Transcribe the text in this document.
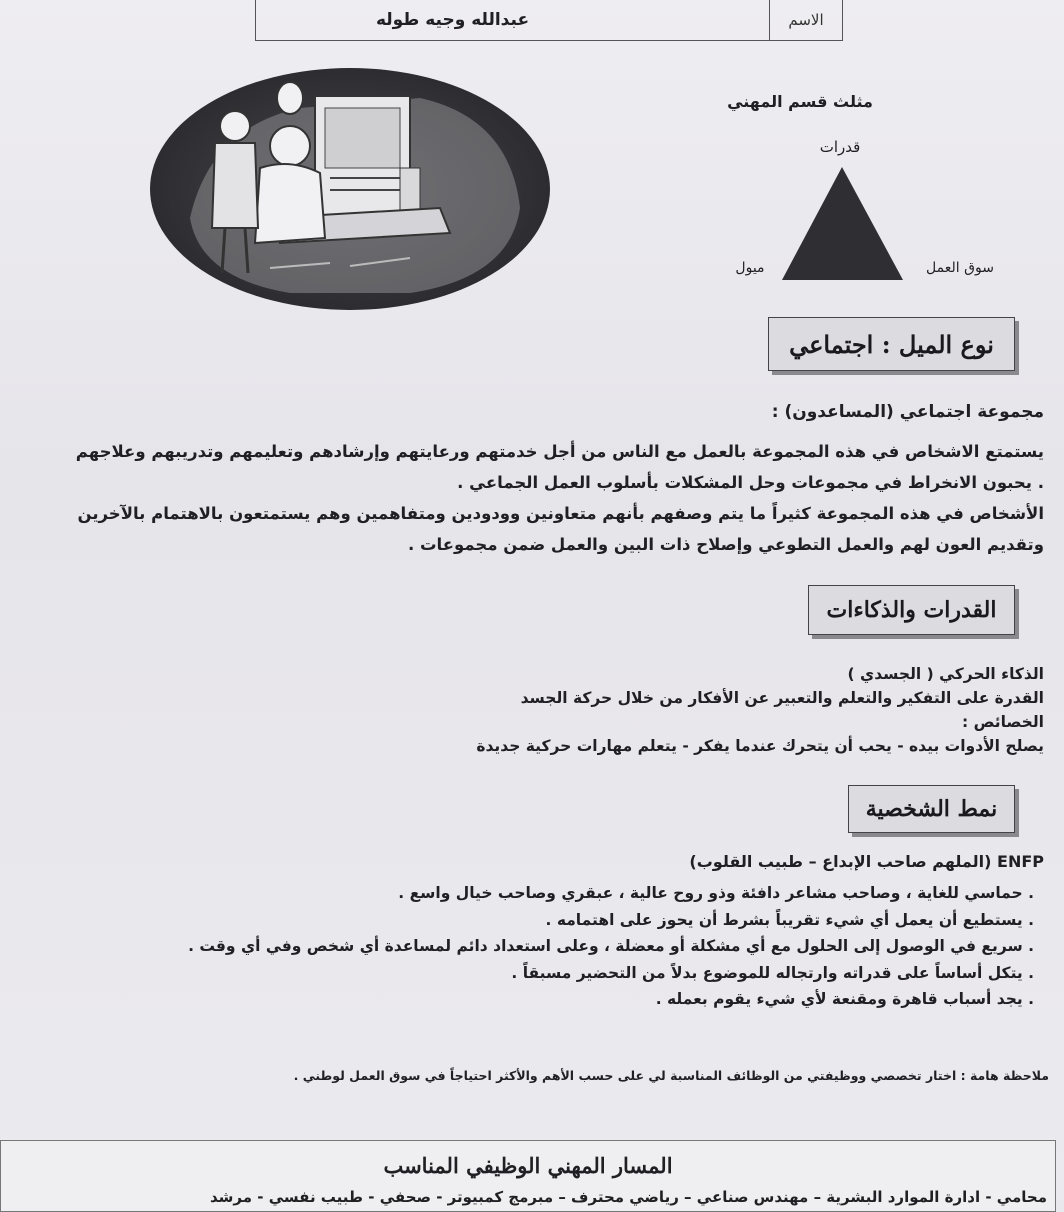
الاسم
عبدالله وجيه طوله
مثلث قسم المهني
قدرات
ميول	سوق العمل
نوع الميل : اجتماعي
مجموعة اجتماعي (المساعدون) :
يستمتع الاشخاص في هذه المجموعة بالعمل مع الناس من أجل خدمتهم ورعايتهم وإرشادهم وتعليمهم وتدريبهم وعلاجهم
. يحبون الانخراط في مجموعات وحل المشكلات بأسلوب العمل الجماعي .
الأشخاص في هذه المجموعة كثيراً ما يتم وصفهم بأنهم متعاونين وودودين ومتفاهمين وهم يستمتعون بالاهتمام بالآخرين
وتقديم العون لهم والعمل التطوعي وإصلاح ذات البين والعمل ضمن مجموعات .
القدرات والذكاءات
الذكاء الحركي ( الجسدي )
القدرة على التفكير والتعلم والتعبير عن الأفكار من خلال حركة الجسد
الخصائص :
يصلح الأدوات بيده - يحب أن يتحرك عندما يفكر - يتعلم مهارات حركية جديدة
نمط الشخصية
ENFP (الملهم صاحب الإبداع – طبيب القلوب)
. حماسي للغاية ، وصاحب مشاعر دافئة وذو روح عالية ، عبقري وصاحب خيال واسع .
. يستطيع أن يعمل أي شيء تقريباً بشرط أن يحوز على اهتمامه .
. سريع في الوصول إلى الحلول مع أي مشكلة أو معضلة ، وعلى استعداد دائم لمساعدة أي شخص وفي أي وقت .
. يتكل أساساً على قدراته وارتجاله للموضوع بدلاً من التحضير مسبقاً .
. يجد أسباب قاهرة ومقنعة لأي شيء يقوم بعمله .
ملاحظة هامة : اختار تخصصي ووظيفتي من الوظائف المناسبة لي على حسب الأهم والأكثر احتياجاً في سوق العمل لوطني .
المسار المهني الوظيفي المناسب
محامي - ادارة الموارد البشرية – مهندس صناعي – رياضي محترف – مبرمج كمبيوتر - صحفي - طبيب نفسي - مرشد
